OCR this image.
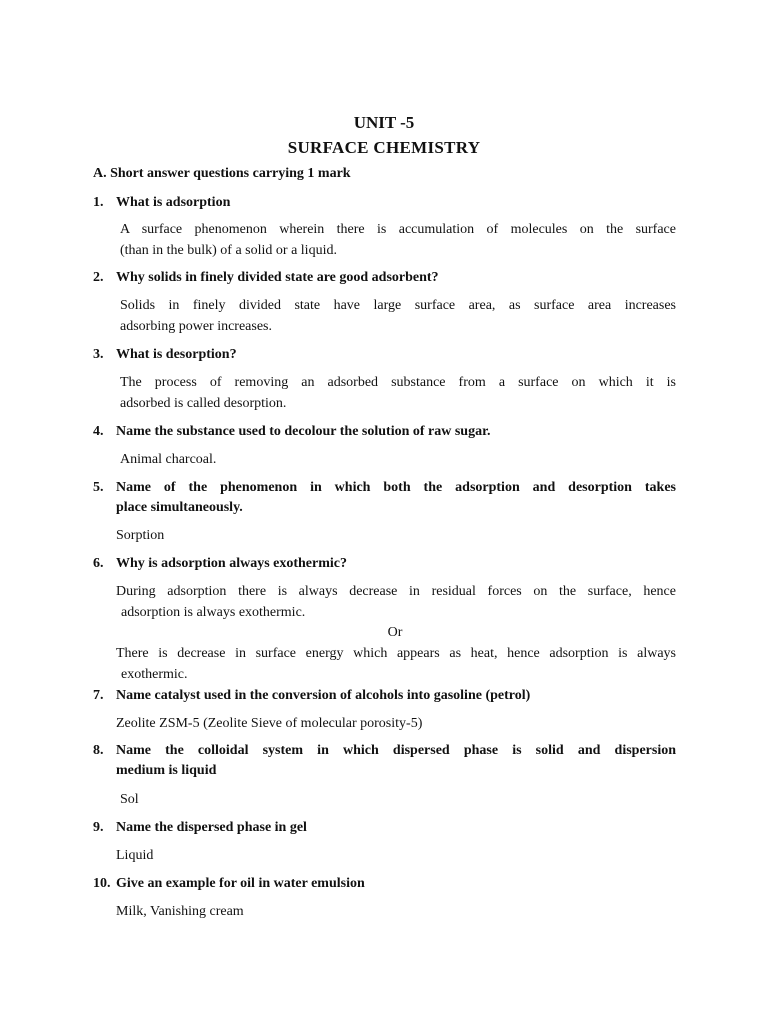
UNIT -5
SURFACE CHEMISTRY
A. Short answer questions carrying 1 mark
1. What is adsorption
A surface phenomenon wherein there is accumulation of molecules on the surface
(than in the bulk) of a solid or a liquid.
2. Why solids in finely divided state are good adsorbent?
Solids in finely divided state have large surface area, as surface area increases
adsorbing power increases.
3. What is desorption?
The process of removing an adsorbed substance from a surface on which it is
adsorbed is called desorption.
4. Name the substance used to decolour the solution of raw sugar.
Animal charcoal.
5. Name of the phenomenon in which both the adsorption and desorption takes
place simultaneously.
Sorption
6. Why is adsorption always exothermic?
During adsorption there is always decrease in residual forces on the surface, hence
adsorption is always exothermic.
Or
There is decrease in surface energy which appears as heat, hence adsorption is always
exothermic.
7. Name catalyst used in the conversion of alcohols into gasoline (petrol)
Zeolite ZSM-5 (Zeolite Sieve of molecular porosity-5)
8. Name the colloidal system in which dispersed phase is solid and dispersion
medium is liquid
Sol
9. Name the dispersed phase in gel
Liquid
10. Give an example for oil in water emulsion
Milk, Vanishing cream
